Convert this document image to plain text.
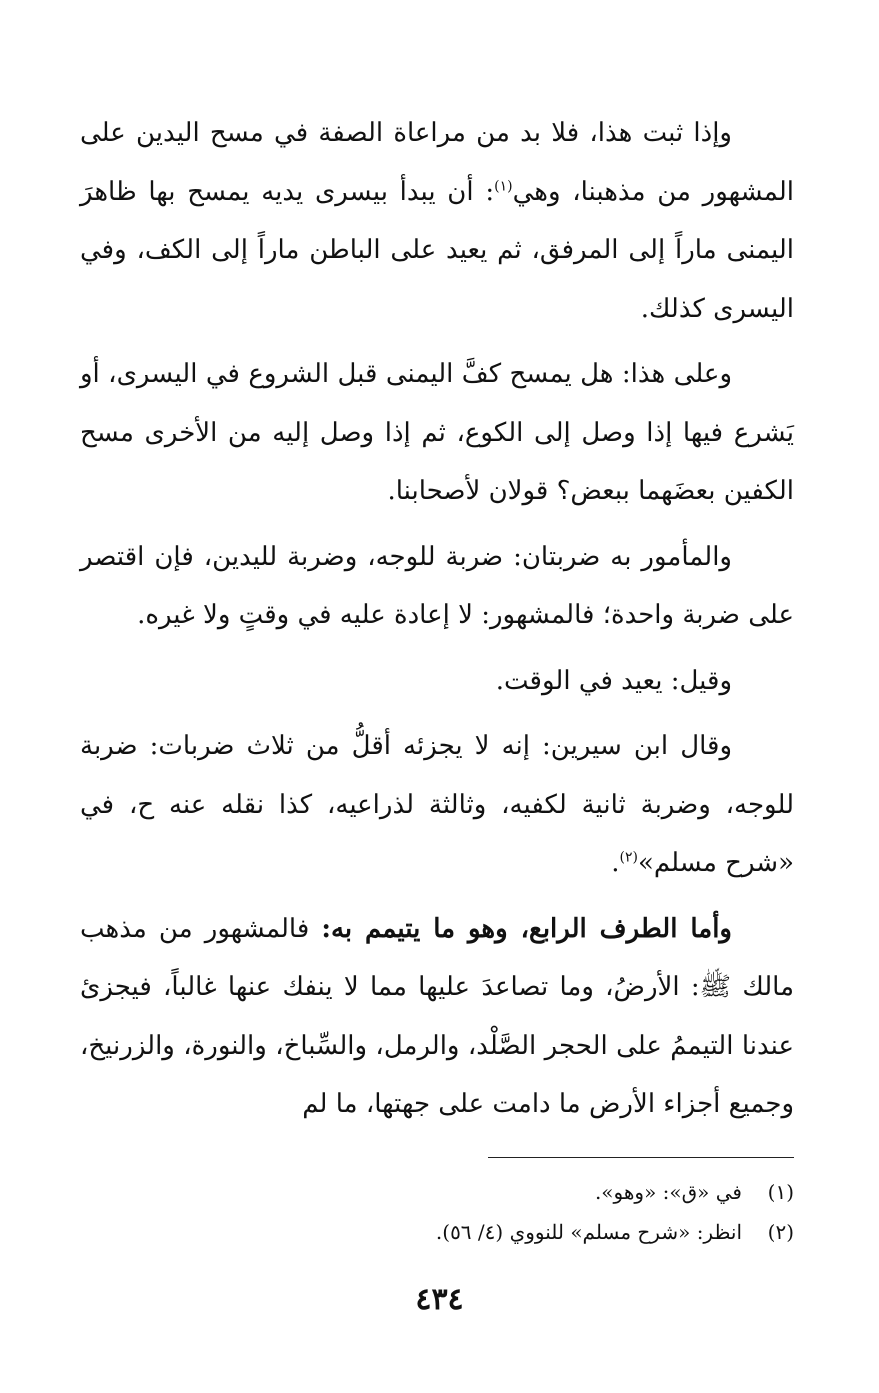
وإذا ثبت هذا، فلا بد من مراعاة الصفة في مسح اليدين على المشهور من مذهبنا، وهي$^{(١)}$: أن يبدأ بيسرى يديه يمسح بها ظاهرَ اليمنى ماراً إلى المرفق، ثم يعيد على الباطن ماراً إلى الكف، وفي اليسرى كذلك.

وعلى هذا: هل يمسح كفَّ اليمنى قبل الشروع في اليسرى، أو يَشرع فيها إذا وصل إلى الكوع، ثم إذا وصل إليه من الأخرى مسح الكفين بعضَهما ببعض؟ قولان لأصحابنا.

والمأمور به ضربتان: ضربة للوجه، وضربة لليدين، فإن اقتصر على ضربة واحدة؛ فالمشهور: لا إعادة عليه في وقتٍ ولا غيره.

وقيل: يعيد في الوقت.

وقال ابن سيرين: إنه لا يجزئه أقلُّ من ثلاث ضربات: ضربة للوجه، وضربة ثانية لكفيه، وثالثة لذراعيه، كذا نقله عنه ح، في «شرح مسلم»$^{(٢)}$.

وأما الطرف الرابع، وهو ما يتيمم به: فالمشهور من مذهب مالك ﷺ: الأرضُ، وما تصاعدَ عليها مما لا ينفك عنها غالباً، فيجزئ عندنا التيممُ على الحجر الصَّلْد، والرمل، والسِّباخ، والنورة، والزرنيخ، وجميع أجزاء الأرض ما دامت على جهتها، ما لم

(١)
في «ق»: «وهو».
(٢)
انظر: «شرح مسلم» للنووي (٤/ ٥٦).
٤٣٤
